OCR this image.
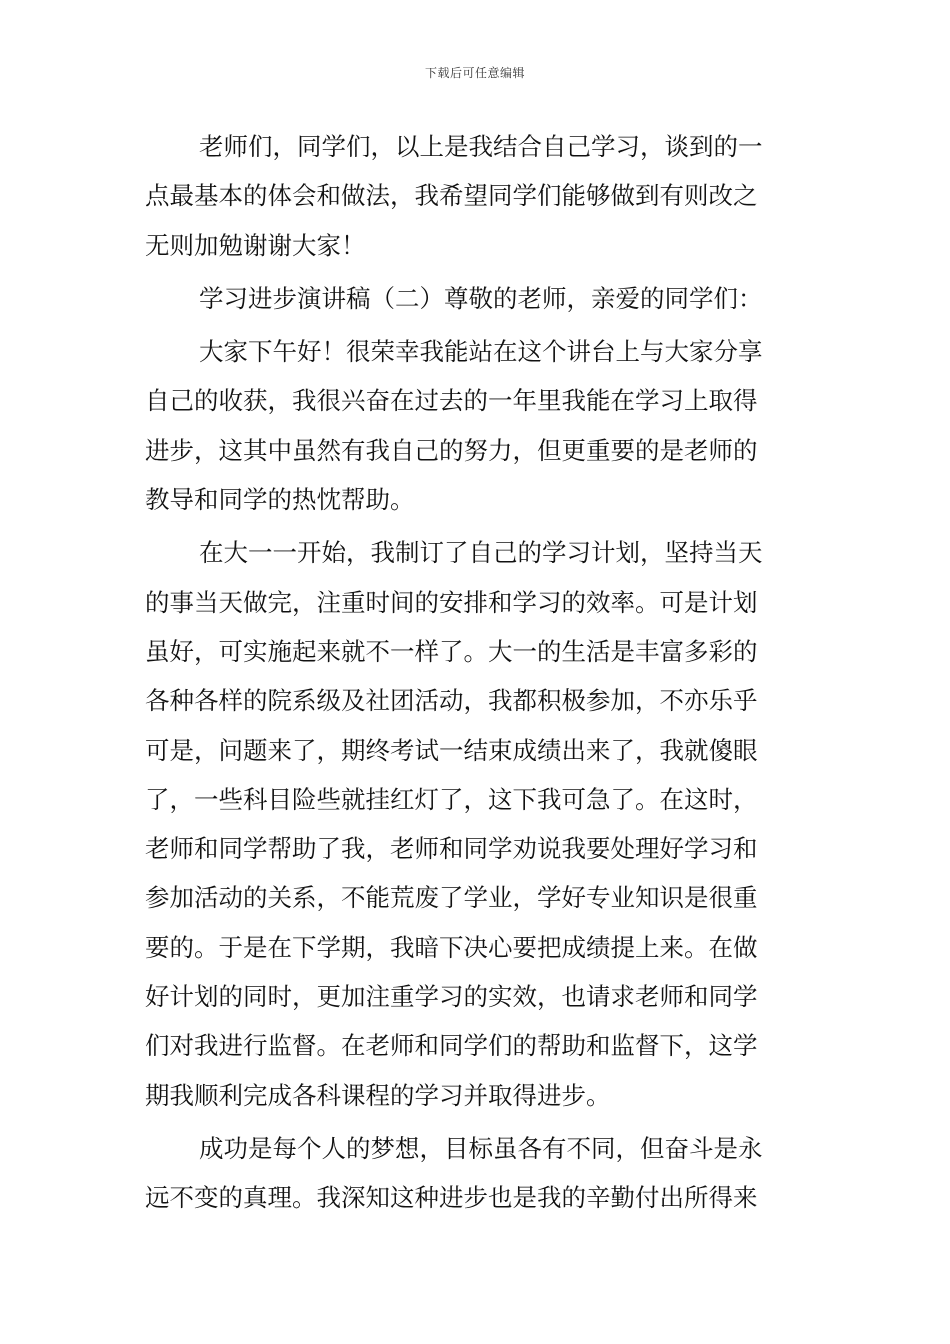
下载后可任意编辑
老师们，同学们，以上是我结合自己学习，谈到的一
点最基本的体会和做法，我希望同学们能够做到有则改之
无则加勉谢谢大家！
学习进步演讲稿（二）尊敬的老师，亲爱的同学们：
大家下午好！很荣幸我能站在这个讲台上与大家分享
自己的收获，我很兴奋在过去的一年里我能在学习上取得
进步，这其中虽然有我自己的努力，但更重要的是老师的
教导和同学的热忱帮助。
在大一一开始，我制订了自己的学习计划，坚持当天
的事当天做完，注重时间的安排和学习的效率。可是计划
虽好，可实施起来就不一样了。大一的生活是丰富多彩的
各种各样的院系级及社团活动，我都积极参加，不亦乐乎
可是，问题来了，期终考试一结束成绩出来了，我就傻眼
了，一些科目险些就挂红灯了，这下我可急了。在这时，
老师和同学帮助了我，老师和同学劝说我要处理好学习和
参加活动的关系，不能荒废了学业，学好专业知识是很重
要的。于是在下学期，我暗下决心要把成绩提上来。在做
好计划的同时，更加注重学习的实效，也请求老师和同学
们对我进行监督。在老师和同学们的帮助和监督下，这学
期我顺利完成各科课程的学习并取得进步。
成功是每个人的梦想，目标虽各有不同，但奋斗是永
远不变的真理。我深知这种进步也是我的辛勤付出所得来
